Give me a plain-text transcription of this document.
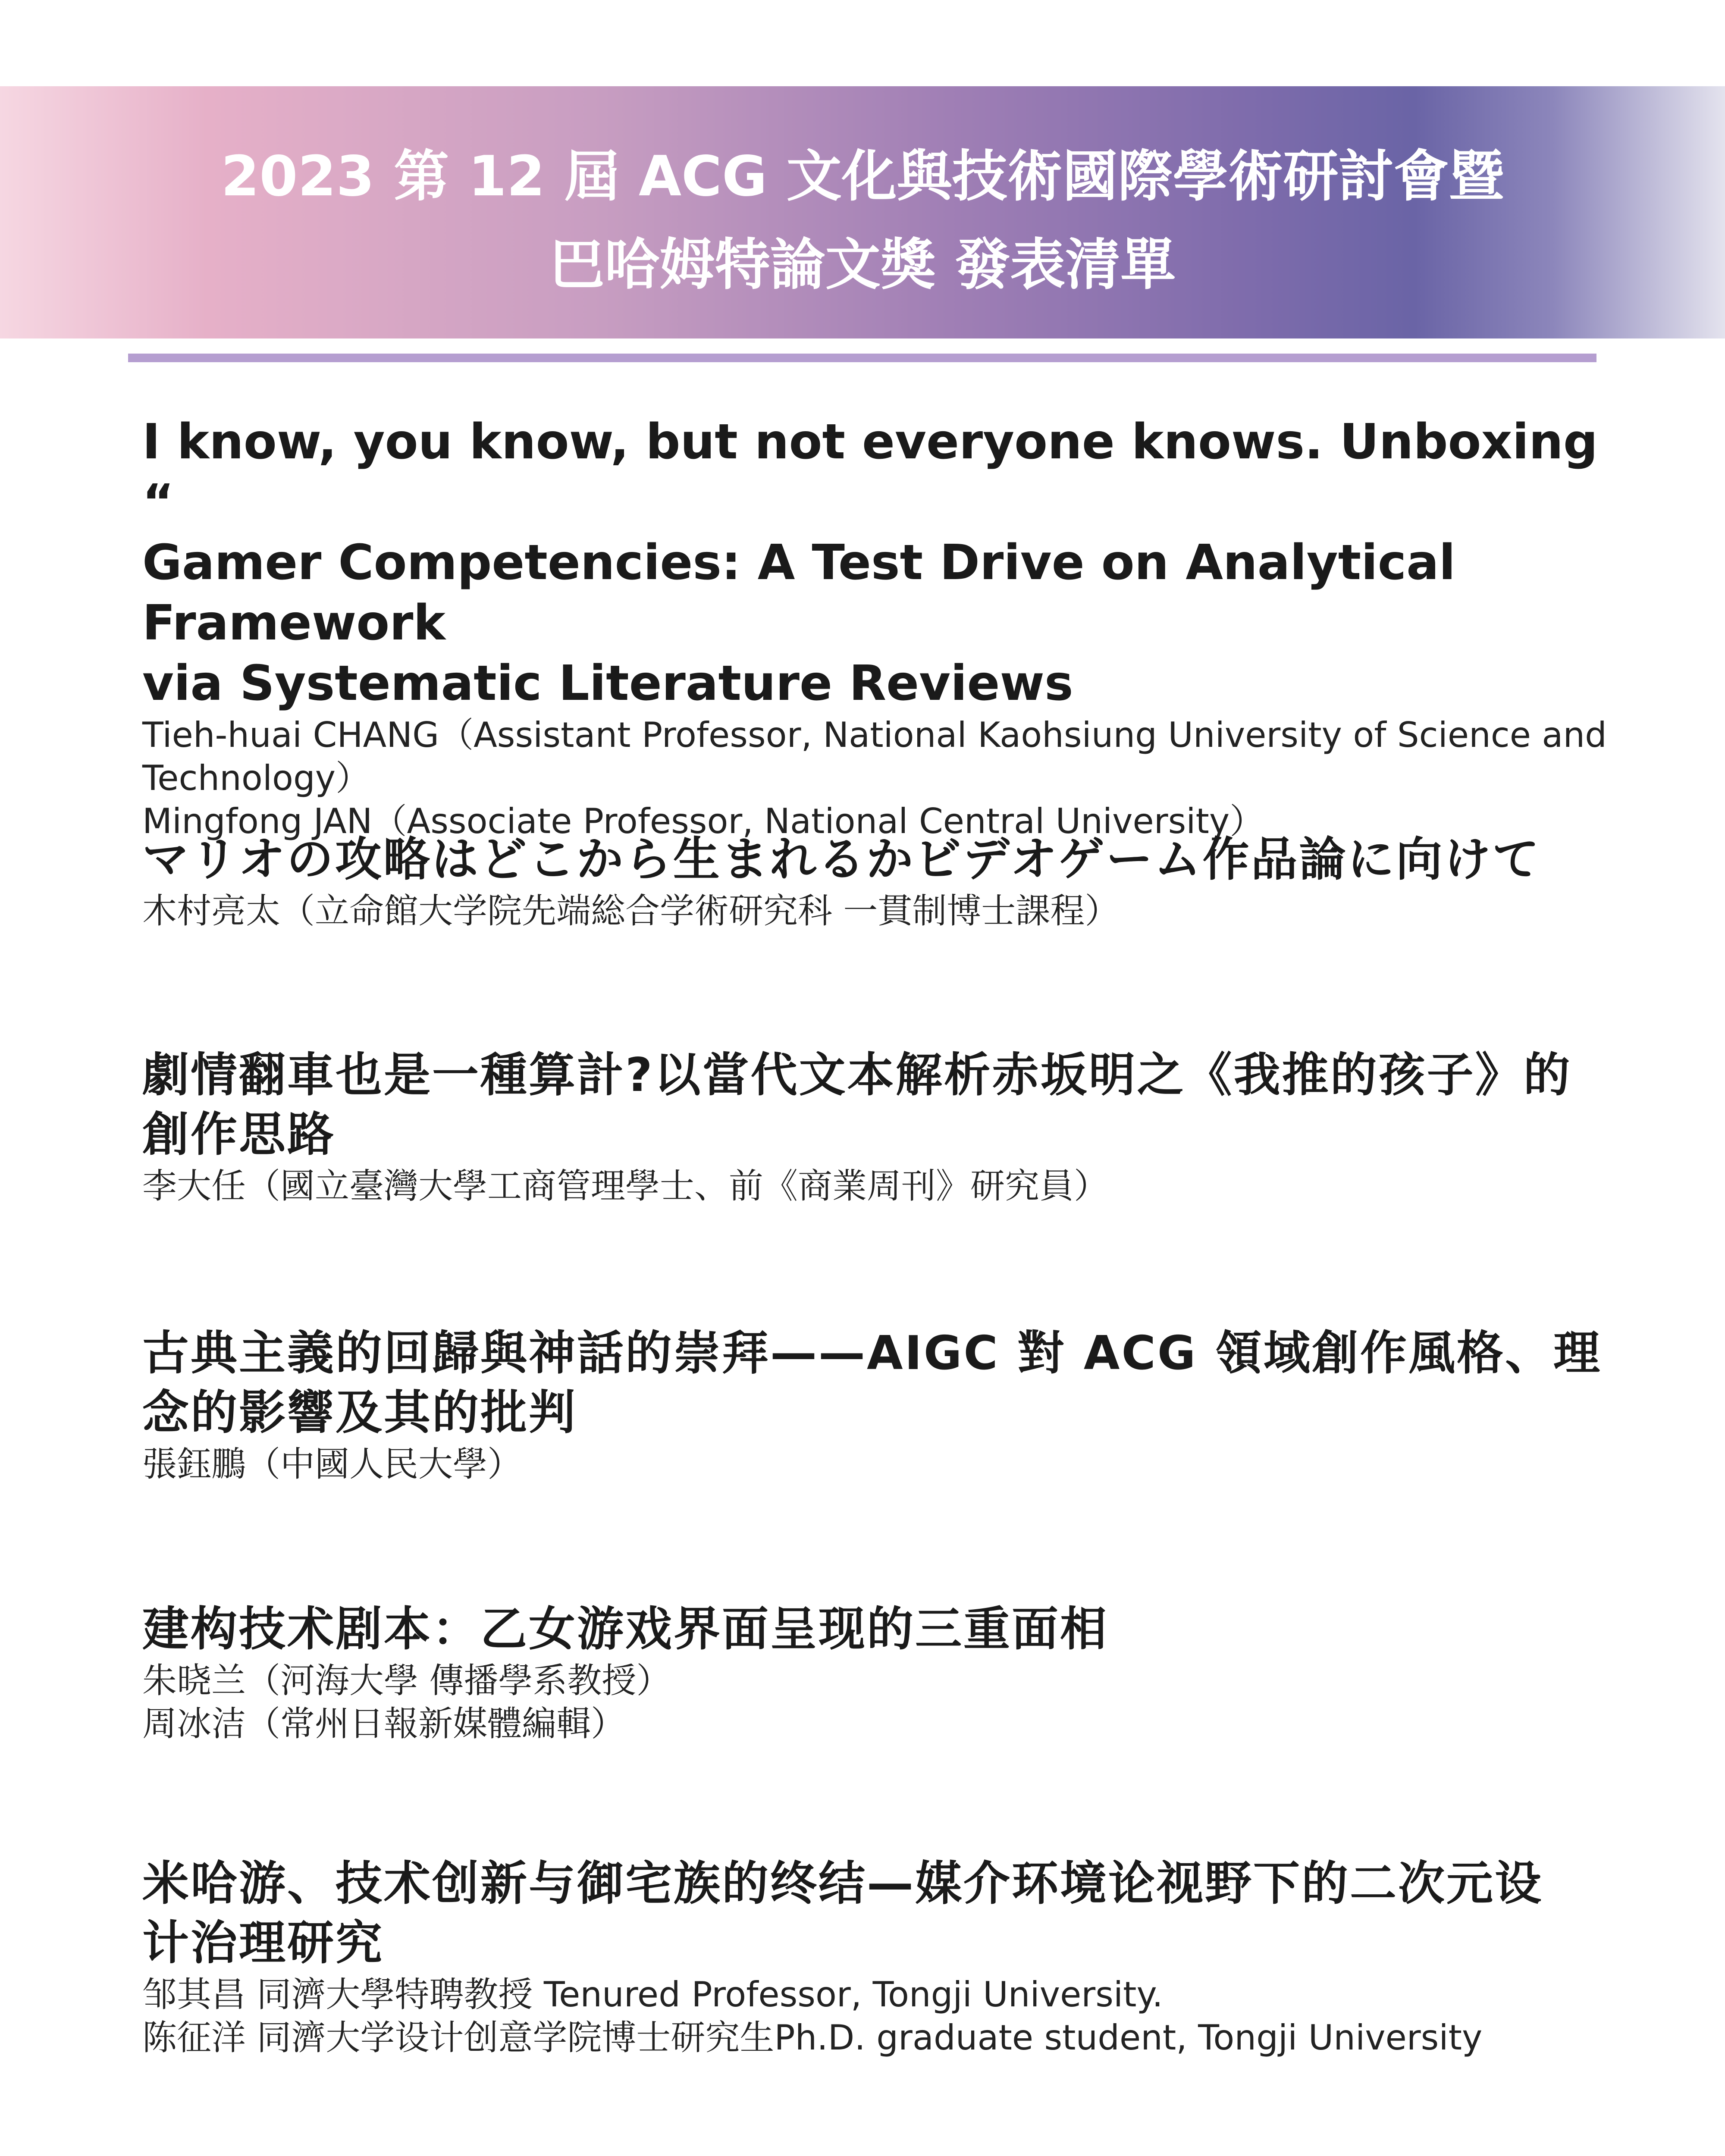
2023 第 12 屆 ACG 文化與技術國際學術研討會暨
巴哈姆特論文獎 發表清單
I know, you know, but not everyone knows. Unboxing “
Gamer Competencies: A Test Drive on Analytical Framework
via Systematic Literature Reviews
Tieh-huai CHANG（Assistant Professor, National Kaohsiung University of Science and
Technology）
Mingfong JAN（Associate Professor, National Central University）
マリオの攻略はどこから生まれるかビデオゲーム作品論に向けて
木村亮太（立命館大学院先端総合学術研究科 一貫制博士課程）
劇情翻車也是一種算計?以當代文本解析赤坂明之《我推的孩子》的
創作思路
李大任（國立臺灣大學工商管理學士、前《商業周刊》研究員）
古典主義的回歸與神話的崇拜——AIGC 對 ACG 領域創作風格、理
念的影響及其的批判
張鈺鵬（中國人民大學）
建构技术剧本：乙女游戏界面呈现的三重面相
朱晓兰（河海大學 傳播學系教授）
周冰洁（常州日報新媒體編輯）
米哈游、技术创新与御宅族的终结—媒介环境论视野下的二次元设
计治理研究
邹其昌 同濟大學特聘教授 Tenured Professor, Tongji University.
陈征洋 同濟大学设计创意学院博士研究生Ph.D. graduate student, Tongji University
